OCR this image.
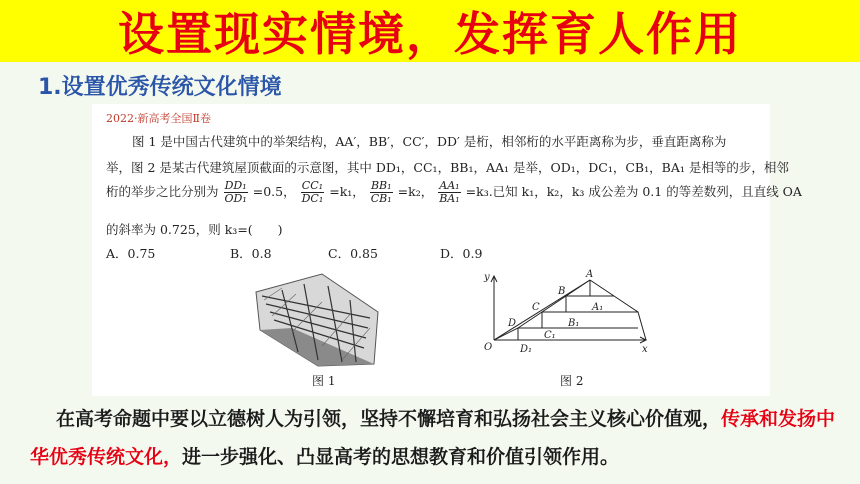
设置现实情境，发挥育人作用
1.设置优秀传统文化情境
2022·新高考全国Ⅱ卷
图 1 是中国古代建筑中的举架结构，AA′，BB′，CC′，DD′ 是桁，相邻桁的水平距离称为步，垂直距离称为
举，图 2 是某古代建筑屋顶截面的示意图，其中 DD₁，CC₁，BB₁，AA₁ 是举，OD₁，DC₁，CB₁，BA₁ 是相等的步，相邻
桁的举步之比分别为 $\frac{\text{DD₁}}{\text{OD₁}} =0.5$， $\frac{\text{CC₁}}{\text{DC₁}} =k_1$， $\frac{\text{BB₁}}{\text{CB₁}} =k_2$， $\frac{\text{AA₁}}{\text{BA₁}} =k_3$.已知 k₁，k₂，k₃ 成公差为 0.1 的等差数列，且直线 OA
的斜率为 0.725，则 k₃=(　　)
A．0.75	B．0.8	C．0.85	D．0.9
y
x
O
A
B
C
D
A₁
B₁
C₁
D₁
图 1	图 2
在高考命题中要以立德树人为引领，坚持不懈培育和弘扬社会主义核心价值观，传承和发扬中华优秀传统文化，进一步强化、凸显高考的思想教育和价值引领作用。
